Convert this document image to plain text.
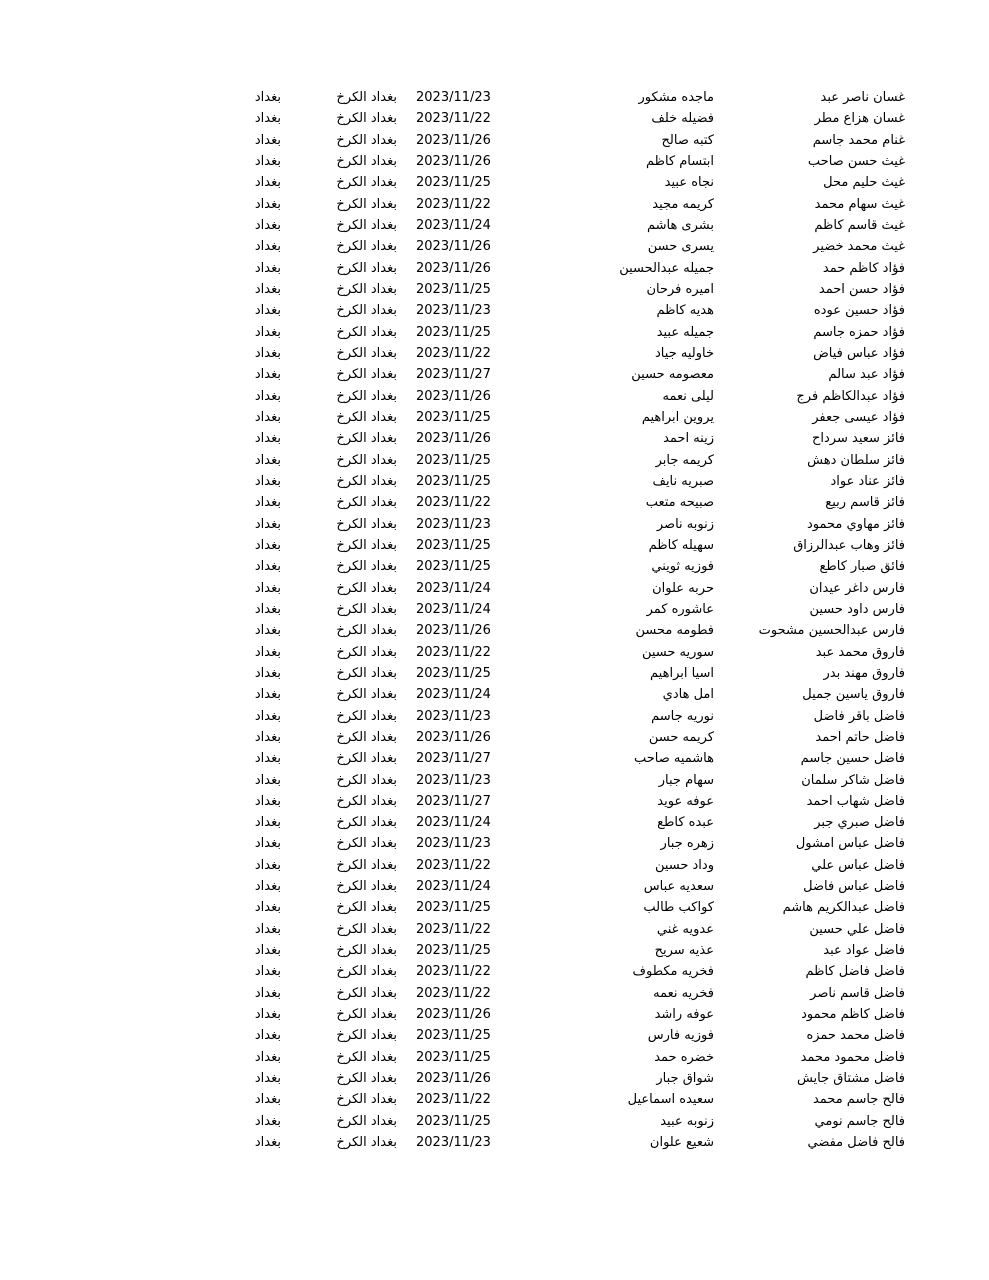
غسان ناصر عبد
ماجده مشكور
2023/11/23
بغداد الكرخ
بغداد
غسان هزاع مطر
فضيله خلف
2023/11/22
بغداد الكرخ
بغداد
غنام محمد جاسم
كتبه صالح
2023/11/26
بغداد الكرخ
بغداد
غيث حسن صاحب
ابتسام كاظم
2023/11/26
بغداد الكرخ
بغداد
غيث حليم محل
نجاه عبيد
2023/11/25
بغداد الكرخ
بغداد
غيث سهام محمد
كريمه مجيد
2023/11/22
بغداد الكرخ
بغداد
غيث قاسم كاظم
بشرى هاشم
2023/11/24
بغداد الكرخ
بغداد
غيث محمد خضير
يسرى حسن
2023/11/26
بغداد الكرخ
بغداد
فؤاد كاظم حمد
جميله عبدالحسين
2023/11/26
بغداد الكرخ
بغداد
فؤاد حسن احمد
اميره فرحان
2023/11/25
بغداد الكرخ
بغداد
فؤاد حسين عوده
هديه كاظم
2023/11/23
بغداد الكرخ
بغداد
فؤاد حمزه جاسم
جميله عبيد
2023/11/25
بغداد الكرخ
بغداد
فؤاد عباس فياض
خاوليه جياد
2023/11/22
بغداد الكرخ
بغداد
فؤاد عبد سالم
معصومه حسين
2023/11/27
بغداد الكرخ
بغداد
فؤاد عبدالكاظم فرج
ليلى نعمه
2023/11/26
بغداد الكرخ
بغداد
فؤاد عيسى جعفر
يروين ابراهيم
2023/11/25
بغداد الكرخ
بغداد
فائز سعيد سرداح
زينه احمد
2023/11/26
بغداد الكرخ
بغداد
فائز سلطان دهش
كريمه جابر
2023/11/25
بغداد الكرخ
بغداد
فائز عناد عواد
صبريه نايف
2023/11/25
بغداد الكرخ
بغداد
فائز قاسم ربيع
صبيحه متعب
2023/11/22
بغداد الكرخ
بغداد
فائز مهاوي محمود
زنوبه ناصر
2023/11/23
بغداد الكرخ
بغداد
فائز وهاب عبدالرزاق
سهيله كاظم
2023/11/25
بغداد الكرخ
بغداد
فائق صبار كاطع
فوزيه ثويني
2023/11/25
بغداد الكرخ
بغداد
فارس داغر عيدان
حربه علوان
2023/11/24
بغداد الكرخ
بغداد
فارس داود حسين
عاشوره كمر
2023/11/24
بغداد الكرخ
بغداد
فارس عبدالحسين مشحوت
فطومه محسن
2023/11/26
بغداد الكرخ
بغداد
فاروق محمد عبد
سوريه حسين
2023/11/22
بغداد الكرخ
بغداد
فاروق مهند بدر
اسيا ابراهيم
2023/11/25
بغداد الكرخ
بغداد
فاروق ياسين جميل
امل هادي
2023/11/24
بغداد الكرخ
بغداد
فاضل باقر فاضل
نوريه جاسم
2023/11/23
بغداد الكرخ
بغداد
فاضل حاتم احمد
كريمه حسن
2023/11/26
بغداد الكرخ
بغداد
فاضل حسين جاسم
هاشميه صاحب
2023/11/27
بغداد الكرخ
بغداد
فاضل شاكر سلمان
سهام جبار
2023/11/23
بغداد الكرخ
بغداد
فاضل شهاب احمد
عوفه عويد
2023/11/27
بغداد الكرخ
بغداد
فاضل صبري جبر
عبده كاطع
2023/11/24
بغداد الكرخ
بغداد
فاضل عباس امشول
زهره جبار
2023/11/23
بغداد الكرخ
بغداد
فاضل عباس علي
وداد حسين
2023/11/22
بغداد الكرخ
بغداد
فاضل عباس فاضل
سعديه عباس
2023/11/24
بغداد الكرخ
بغداد
فاضل عبدالكريم هاشم
كواكب طالب
2023/11/25
بغداد الكرخ
بغداد
فاضل علي حسين
عدويه غني
2023/11/22
بغداد الكرخ
بغداد
فاضل عواد عبد
عذيه سريح
2023/11/25
بغداد الكرخ
بغداد
فاضل فاضل كاظم
فخريه مكطوف
2023/11/22
بغداد الكرخ
بغداد
فاضل قاسم ناصر
فخريه نعمه
2023/11/22
بغداد الكرخ
بغداد
فاضل كاظم محمود
عوفه راشد
2023/11/26
بغداد الكرخ
بغداد
فاضل محمد حمزه
فوزيه فارس
2023/11/25
بغداد الكرخ
بغداد
فاضل محمود محمد
خضره حمد
2023/11/25
بغداد الكرخ
بغداد
فاضل مشتاق جايش
شواق جبار
2023/11/26
بغداد الكرخ
بغداد
فالح جاسم محمد
سعيده اسماعيل
2023/11/22
بغداد الكرخ
بغداد
فالح جاسم نومي
زنوبه عبيد
2023/11/25
بغداد الكرخ
بغداد
فالح فاضل مفضي
شعيع علوان
2023/11/23
بغداد الكرخ
بغداد
